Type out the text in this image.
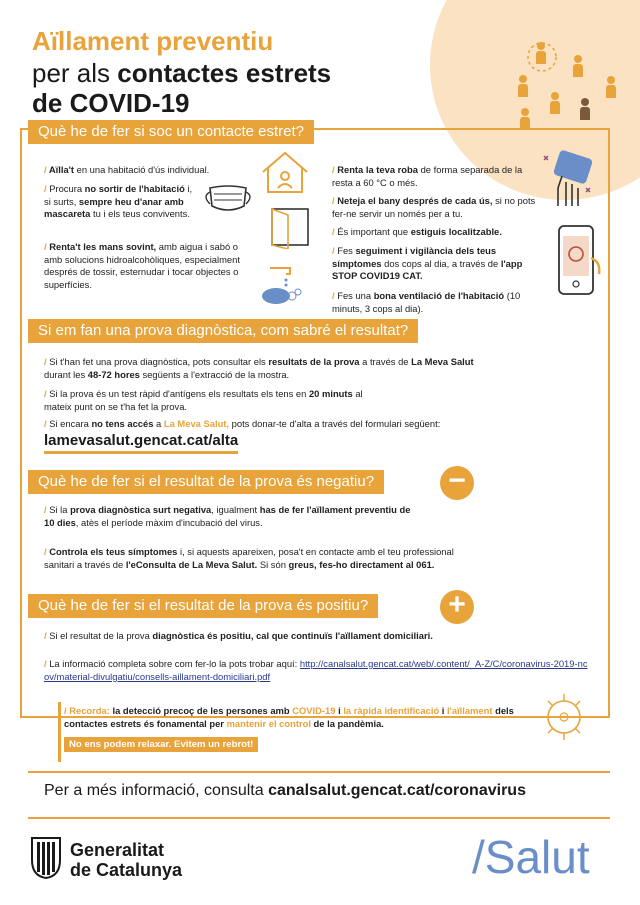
Aïllament preventiu
per als contactes estrets
de COVID-19
Què he de fer si soc un contacte estret?
/ Aïlla't en una habitació d'ús individual.
/ Procura no sortir de l'habitació i, si surts, sempre heu d'anar amb mascareta tu i els teus convivents.
/ Renta't les mans sovint, amb aigua i sabó o amb solucions hidroalcohòliques, especialment després de tossir, esternudar i tocar objectes o superfícies.
/ Renta la teva roba de forma separada de la resta a 60 °C o més.
/ Neteja el bany després de cada ús, si no pots fer-ne servir un només per a tu.
/ És important que estiguis localitzable.
/ Fes seguiment i vigilància dels teus símptomes dos cops al dia, a través de l'app STOP COVID19 CAT.
/ Fes una bona ventilació de l'habitació (10 minuts, 3 cops al dia).
Si em fan una prova diagnòstica, com sabré el resultat?
/ Si t'han fet una prova diagnòstica, pots consultar els resultats de la prova a través de La Meva Salut durant les 48-72 hores següents a l'extracció de la mostra.
/ Si la prova és un test ràpid d'antígens els resultats els tens en 20 minuts al mateix punt on se t'ha fet la prova.
/ Si encara no tens accés a La Meva Salut, pots donar-te d'alta a través del formulari següent:
lamevasalut.gencat.cat/alta
Què he de fer si el resultat de la prova és negatiu?	−
/ Si la prova diagnòstica surt negativa, igualment has de fer l'aïllament preventiu de 10 dies, atès el període màxim d'incubació del virus.
/ Controla els teus símptomes i, si aquests apareixen, posa't en contacte amb el teu professional sanitari a través de l'eConsulta de La Meva Salut. Si són greus, fes-ho directament al 061.
Què he de fer si el resultat de la prova és positiu?	+
/ Si el resultat de la prova diagnòstica és positiu, cal que continuïs l'aïllament domiciliari.
/ La informació completa sobre com fer-lo la pots trobar aquí: http://canalsalut.gencat.cat/web/.content/_A-Z/C/coronavirus-2019-ncov/material-divulgatiu/consells-aillament-domiciliari.pdf
/ Recorda: la detecció precoç de les persones amb COVID-19 i la ràpida identificació i l'aïllament dels contactes estrets és fonamental per mantenir el control de la pandèmia.
No ens podem relaxar. Evitem un rebrot!
Per a més informació, consulta canalsalut.gencat.cat/coronavirus
Generalitat
de Catalunya	/Salut
